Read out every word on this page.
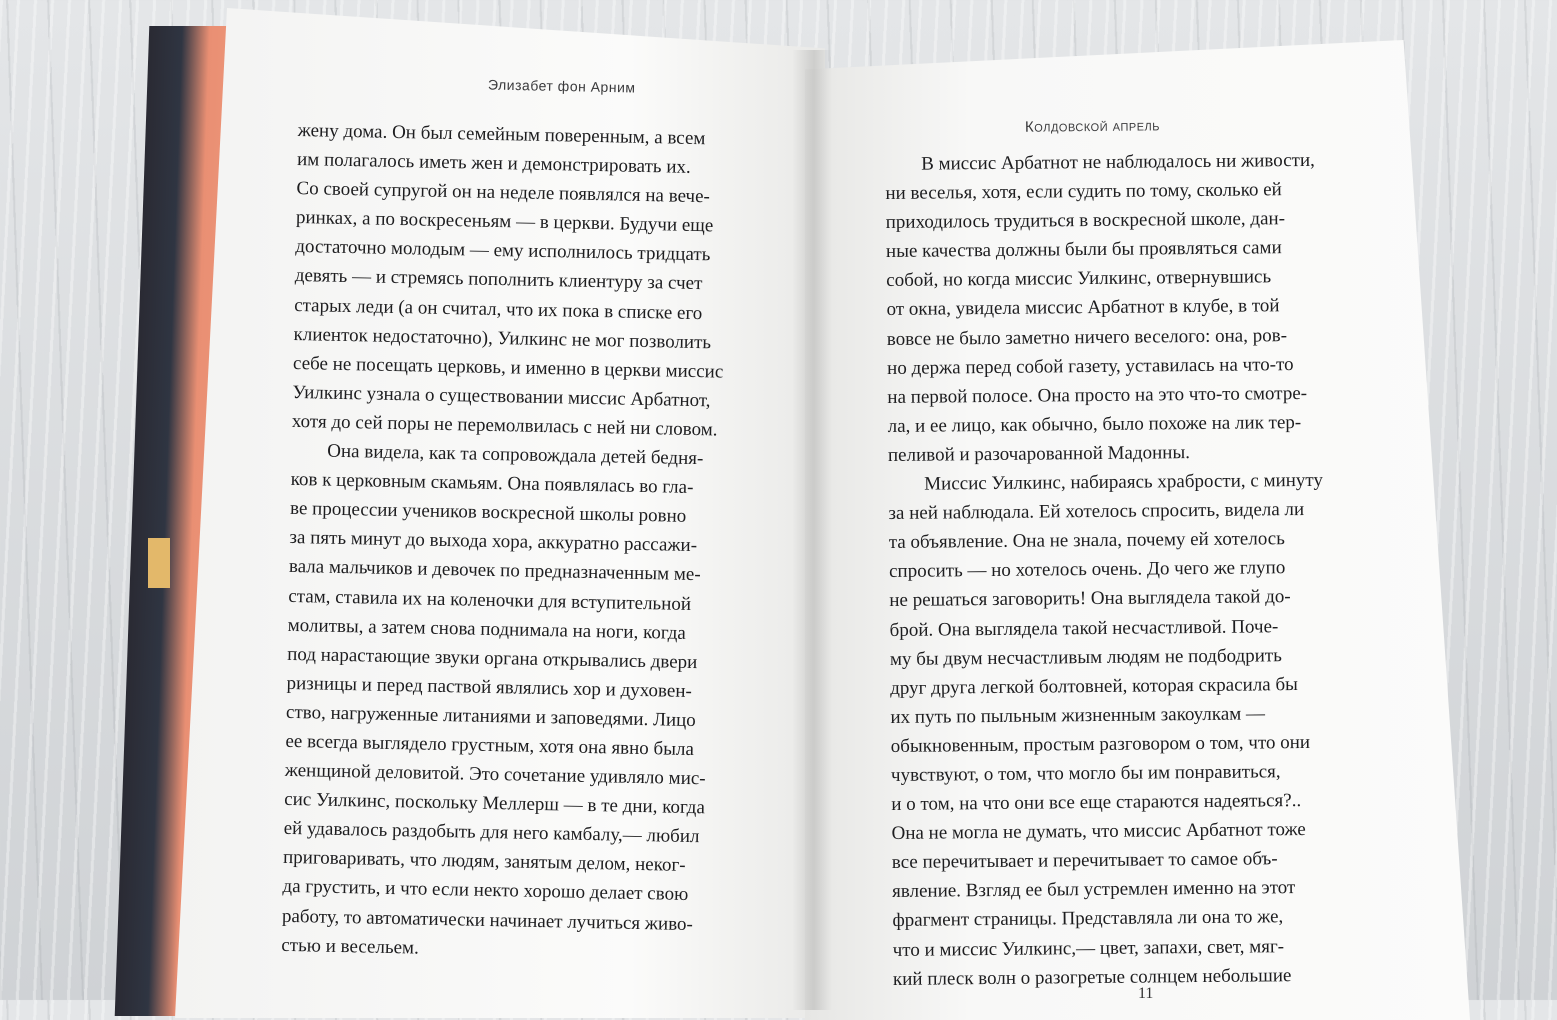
Элизабет фон Арним
Колдовской апрель
жену дома. Он был семейным поверенным, а всем
им полагалось иметь жен и демонстрировать их.
Со своей супругой он на неделе появлялся на вече-
ринках, а по воскресеньям — в церкви. Будучи еще
достаточно молодым — ему исполнилось тридцать
девять — и стремясь пополнить клиентуру за счет
старых леди (а он считал, что их пока в списке его
клиенток недостаточно), Уилкинс не мог позволить
себе не посещать церковь, и именно в церкви миссис
Уилкинс узнала о существовании миссис Арбатнот,
хотя до сей поры не перемолвилась с ней ни словом.
Она видела, как та сопровождала детей бедня-
ков к церковным скамьям. Она появлялась во гла-
ве процессии учеников воскресной школы ровно
за пять минут до выхода хора, аккуратно рассажи-
вала мальчиков и девочек по предназначенным ме-
стам, ставила их на коленочки для вступительной
молитвы, а затем снова поднимала на ноги, когда
под нарастающие звуки органа открывались двери
ризницы и перед паствой являлись хор и духовен-
ство, нагруженные литаниями и заповедями. Лицо
ее всегда выглядело грустным, хотя она явно была
женщиной деловитой. Это сочетание удивляло мис-
сис Уилкинс, поскольку Меллерш — в те дни, когда
ей удавалось раздобыть для него камбалу,— любил
приговаривать, что людям, занятым делом, неког-
да грустить, и что если некто хорошо делает свою
работу, то автоматически начинает лучиться живо-
стью и весельем.
В миссис Арбатнот не наблюдалось ни живости,
ни веселья, хотя, если судить по тому, сколько ей
приходилось трудиться в воскресной школе, дан-
ные качества должны были бы проявляться сами
собой, но когда миссис Уилкинс, отвернувшись
от окна, увидела миссис Арбатнот в клубе, в той
вовсе не было заметно ничего веселого: она, ров-
но держа перед собой газету, уставилась на что-то
на первой полосе. Она просто на это что-то смотре-
ла, и ее лицо, как обычно, было похоже на лик тер-
пеливой и разочарованной Мадонны.
Миссис Уилкинс, набираясь храбрости, с минуту
за ней наблюдала. Ей хотелось спросить, видела ли
та объявление. Она не знала, почему ей хотелось
спросить — но хотелось очень. До чего же глупо
не решаться заговорить! Она выглядела такой до-
брой. Она выглядела такой несчастливой. Поче-
му бы двум несчастливым людям не подбодрить
друг друга легкой болтовней, которая скрасила бы
их путь по пыльным жизненным закоулкам —
обыкновенным, простым разговором о том, что они
чувствуют, о том, что могло бы им понравиться,
и о том, на что они все еще стараются надеяться?..
Она не могла не думать, что миссис Арбатнот тоже
все перечитывает и перечитывает то самое объ-
явление. Взгляд ее был устремлен именно на этот
фрагмент страницы. Представляла ли она то же,
что и миссис Уилкинс,— цвет, запахи, свет, мяг-
кий плеск волн о разогретые солнцем небольшие
11
